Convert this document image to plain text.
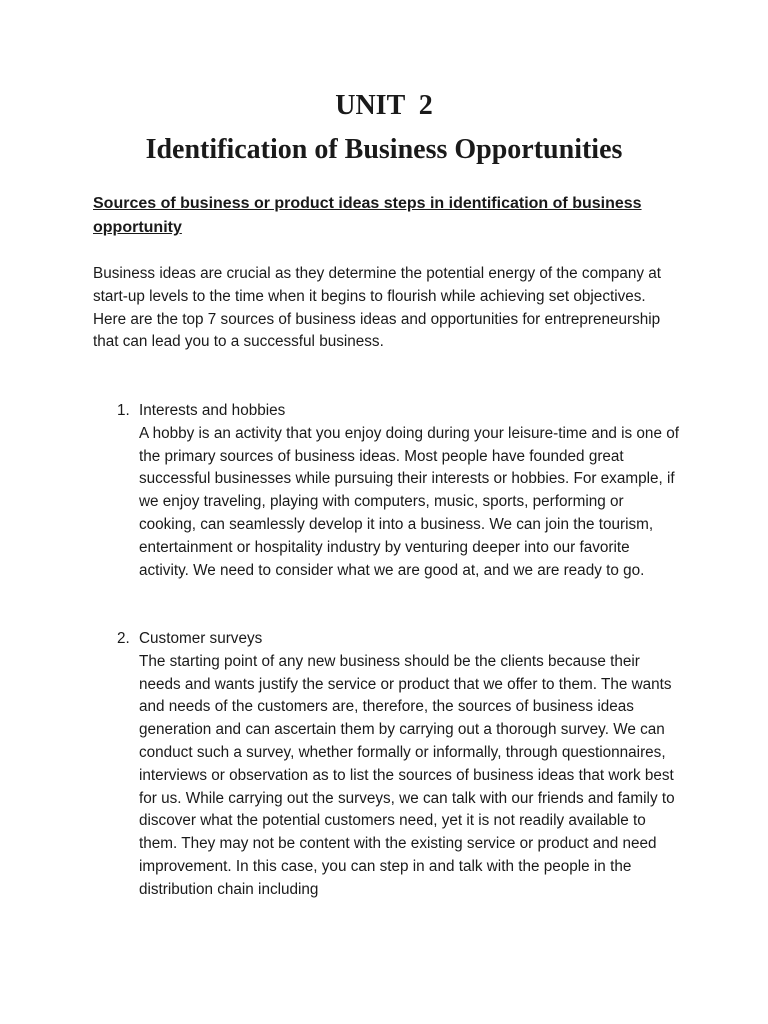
UNIT  2
Identification of Business Opportunities
Sources of business or product ideas steps in identification of business opportunity

Business ideas are crucial as they determine the potential energy of the company at start-up levels to the time when it begins to flourish while achieving set objectives. Here are the top 7 sources of business ideas and opportunities for entrepreneurship that can lead you to a successful business.

1. Interests and hobbies

A hobby is an activity that you enjoy doing during your leisure-time and is one of the primary sources of business ideas. Most people have founded great successful businesses while pursuing their interests or hobbies. For example, if we enjoy traveling, playing with computers, music, sports, performing or cooking, can seamlessly develop it into a business. We can join the tourism, entertainment or hospitality industry by venturing deeper into our favorite activity. We need to consider what we are good at, and we are ready to go.

2. Customer surveys

The starting point of any new business should be the clients because their needs and wants justify the service or product that we offer to them. The wants and needs of the customers are, therefore, the sources of business ideas generation and can ascertain them by carrying out a thorough survey. We can conduct such a survey, whether formally or informally, through questionnaires, interviews or observation as to list the sources of business ideas that work best for us. While carrying out the surveys, we can talk with our friends and family to discover what the potential customers need, yet it is not readily available to them. They may not be content with the existing service or product and need improvement. In this case, you can step in and talk with the people in the distribution chain including
